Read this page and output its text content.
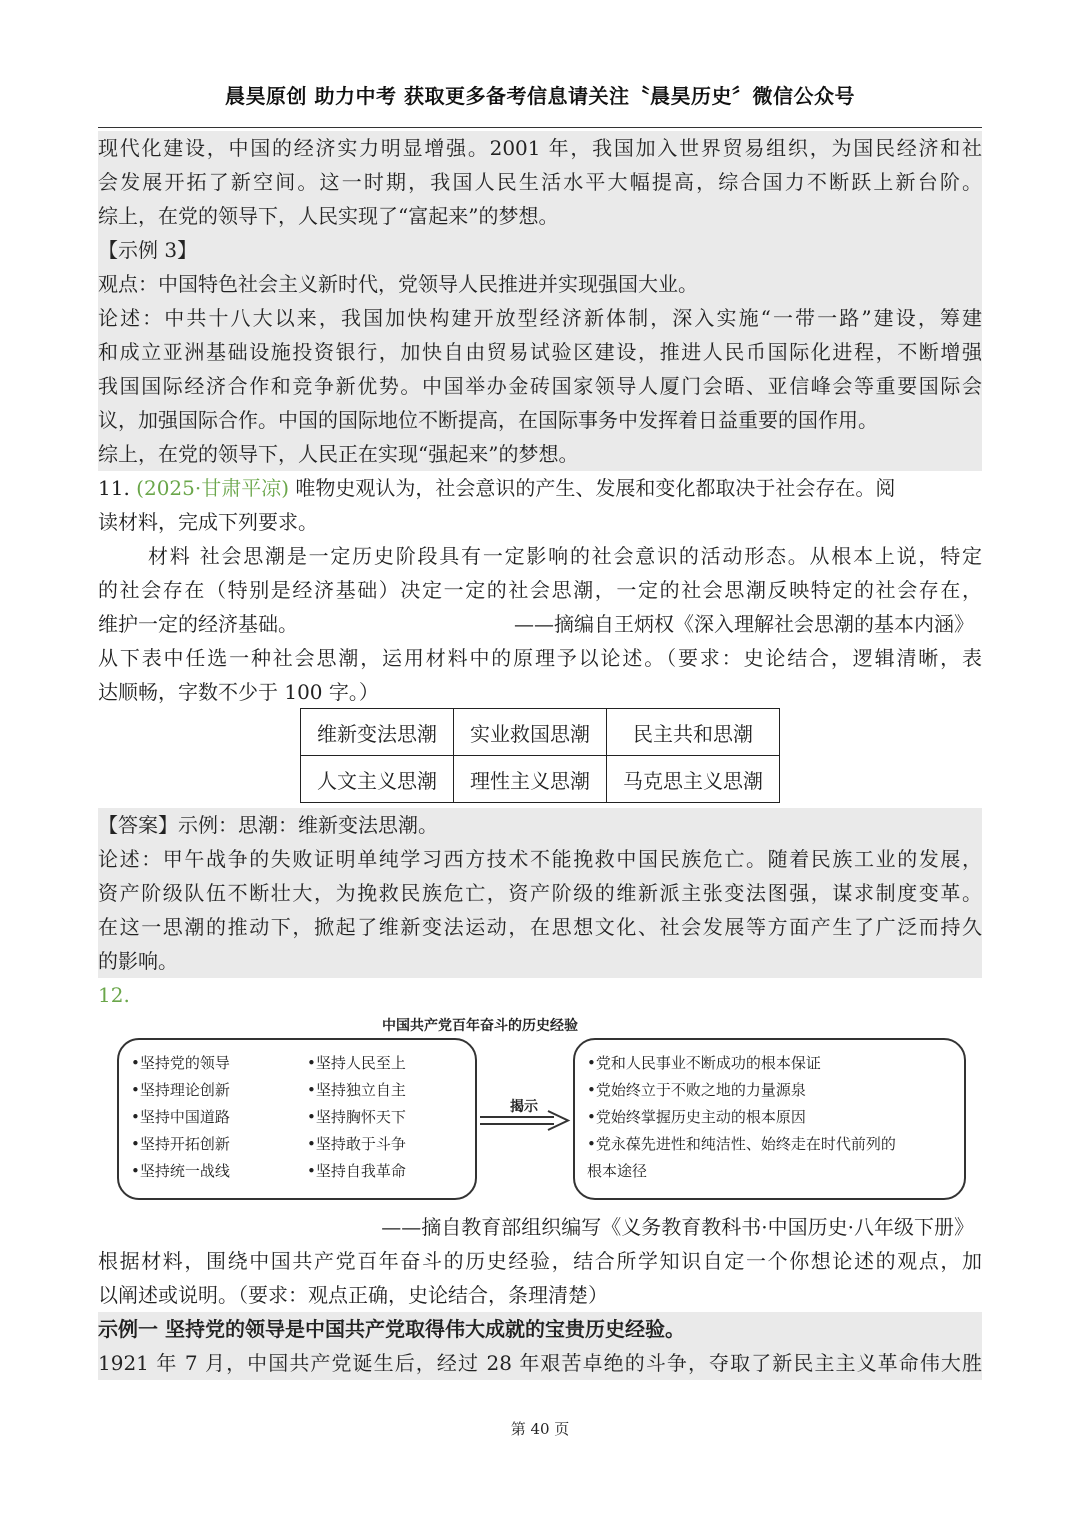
晨昊原创 助力中考 获取更多备考信息请关注〝晨昊历史〞微信公众号
现代化建设，中国的经济实力明显增强。2001 年，我国加入世界贸易组织，为国民经济和社
会发展开拓了新空间。这一时期，我国人民生活水平大幅提高，综合国力不断跃上新台阶。
综上，在党的领导下，人民实现了“富起来”的梦想。
【示例 3】
观点：中国特色社会主义新时代，党领导人民推进并实现强国大业。
论述：中共十八大以来，我国加快构建开放型经济新体制，深入实施“一带一路”建设，筹建
和成立亚洲基础设施投资银行，加快自由贸易试验区建设，推进人民币国际化进程，不断增强
我国国际经济合作和竞争新优势。中国举办金砖国家领导人厦门会晤、亚信峰会等重要国际会
议，加强国际合作。中国的国际地位不断提高，在国际事务中发挥着日益重要的国作用。
综上，在党的领导下，人民正在实现“强起来”的梦想。
11. (2025·甘肃平凉) 唯物史观认为，社会意识的产生、发展和变化都取决于社会存在。阅
读材料，完成下列要求。
材料 社会思潮是一定历史阶段具有一定影响的社会意识的活动形态。从根本上说，特定
的社会存在（特别是经济基础）决定一定的社会思潮，一定的社会思潮反映特定的社会存在，
维护一定的经济基础。	——摘编自王炳权《深入理解社会思潮的基本内涵》
从下表中任选一种社会思潮，运用材料中的原理予以论述。（要求：史论结合，逻辑清晰，表
达顺畅，字数不少于 100 字。）
维新变法思潮	实业救国思潮	民主共和思潮
人文主义思潮	理性主义思潮	马克思主义思潮
【答案】示例：思潮：维新变法思潮。
论述：甲午战争的失败证明单纯学习西方技术不能挽救中国民族危亡。随着民族工业的发展，
资产阶级队伍不断壮大，为挽救民族危亡，资产阶级的维新派主张变法图强，谋求制度变革。
在这一思潮的推动下，掀起了维新变法运动，在思想文化、社会发展等方面产生了广泛而持久
的影响。
12.
中国共产党百年奋斗的历史经验
•坚持党的领导
•坚持理论创新
•坚持中国道路
•坚持开拓创新
•坚持统一战线
•坚持人民至上
•坚持独立自主
•坚持胸怀天下
•坚持敢于斗争
•坚持自我革命
揭示
•党和人民事业不断成功的根本保证
•党始终立于不败之地的力量源泉
•党始终掌握历史主动的根本原因
•党永葆先进性和纯洁性、始终走在时代前列的
根本途径
——摘自教育部组织编写《义务教育教科书·中国历史·八年级下册》
根据材料，围绕中国共产党百年奋斗的历史经验，结合所学知识自定一个你想论述的观点，加
以阐述或说明。（要求：观点正确，史论结合，条理清楚）
示例一 坚持党的领导是中国共产党取得伟大成就的宝贵历史经验。
1921 年 7 月，中国共产党诞生后，经过 28 年艰苦卓绝的斗争，夺取了新民主主义革命伟大胜
第 40 页
